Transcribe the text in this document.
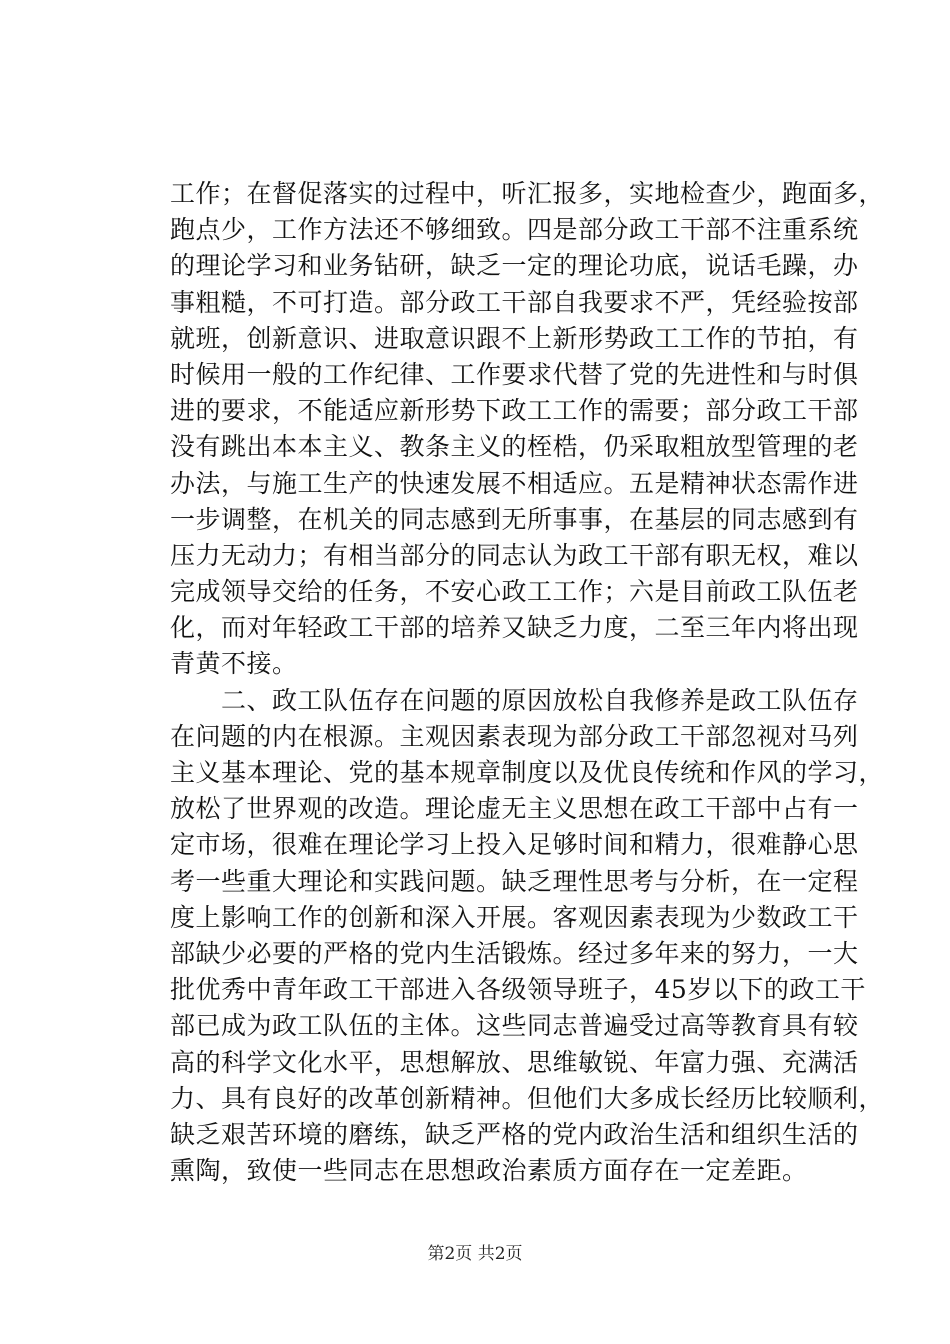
工作；在督促落实的过程中，听汇报多，实地检查少，跑面多，
跑点少，工作方法还不够细致。四是部分政工干部不注重系统
的理论学习和业务钻研，缺乏一定的理论功底，说话毛躁，办
事粗糙，不可打造。部分政工干部自我要求不严，凭经验按部
就班，创新意识、进取意识跟不上新形势政工工作的节拍，有
时候用一般的工作纪律、工作要求代替了党的先进性和与时俱
进的要求，不能适应新形势下政工工作的需要；部分政工干部
没有跳出本本主义、教条主义的桎梏，仍采取粗放型管理的老
办法，与施工生产的快速发展不相适应。五是精神状态需作进
一步调整，在机关的同志感到无所事事，在基层的同志感到有
压力无动力；有相当部分的同志认为政工干部有职无权，难以
完成领导交给的任务，不安心政工工作；六是目前政工队伍老
化，而对年轻政工干部的培养又缺乏力度，二至三年内将出现
青黄不接。
　　二、政工队伍存在问题的原因放松自我修养是政工队伍存
在问题的内在根源。主观因素表现为部分政工干部忽视对马列
主义基本理论、党的基本规章制度以及优良传统和作风的学习，
放松了世界观的改造。理论虚无主义思想在政工干部中占有一
定市场，很难在理论学习上投入足够时间和精力，很难静心思
考一些重大理论和实践问题。缺乏理性思考与分析，在一定程
度上影响工作的创新和深入开展。客观因素表现为少数政工干
部缺少必要的严格的党内生活锻炼。经过多年来的努力，一大
批优秀中青年政工干部进入各级领导班子，45岁以下的政工干
部已成为政工队伍的主体。这些同志普遍受过高等教育具有较
高的科学文化水平，思想解放、思维敏锐、年富力强、充满活
力、具有良好的改革创新精神。但他们大多成长经历比较顺利，
缺乏艰苦环境的磨练，缺乏严格的党内政治生活和组织生活的
熏陶，致使一些同志在思想政治素质方面存在一定差距。
第2页 共2页
